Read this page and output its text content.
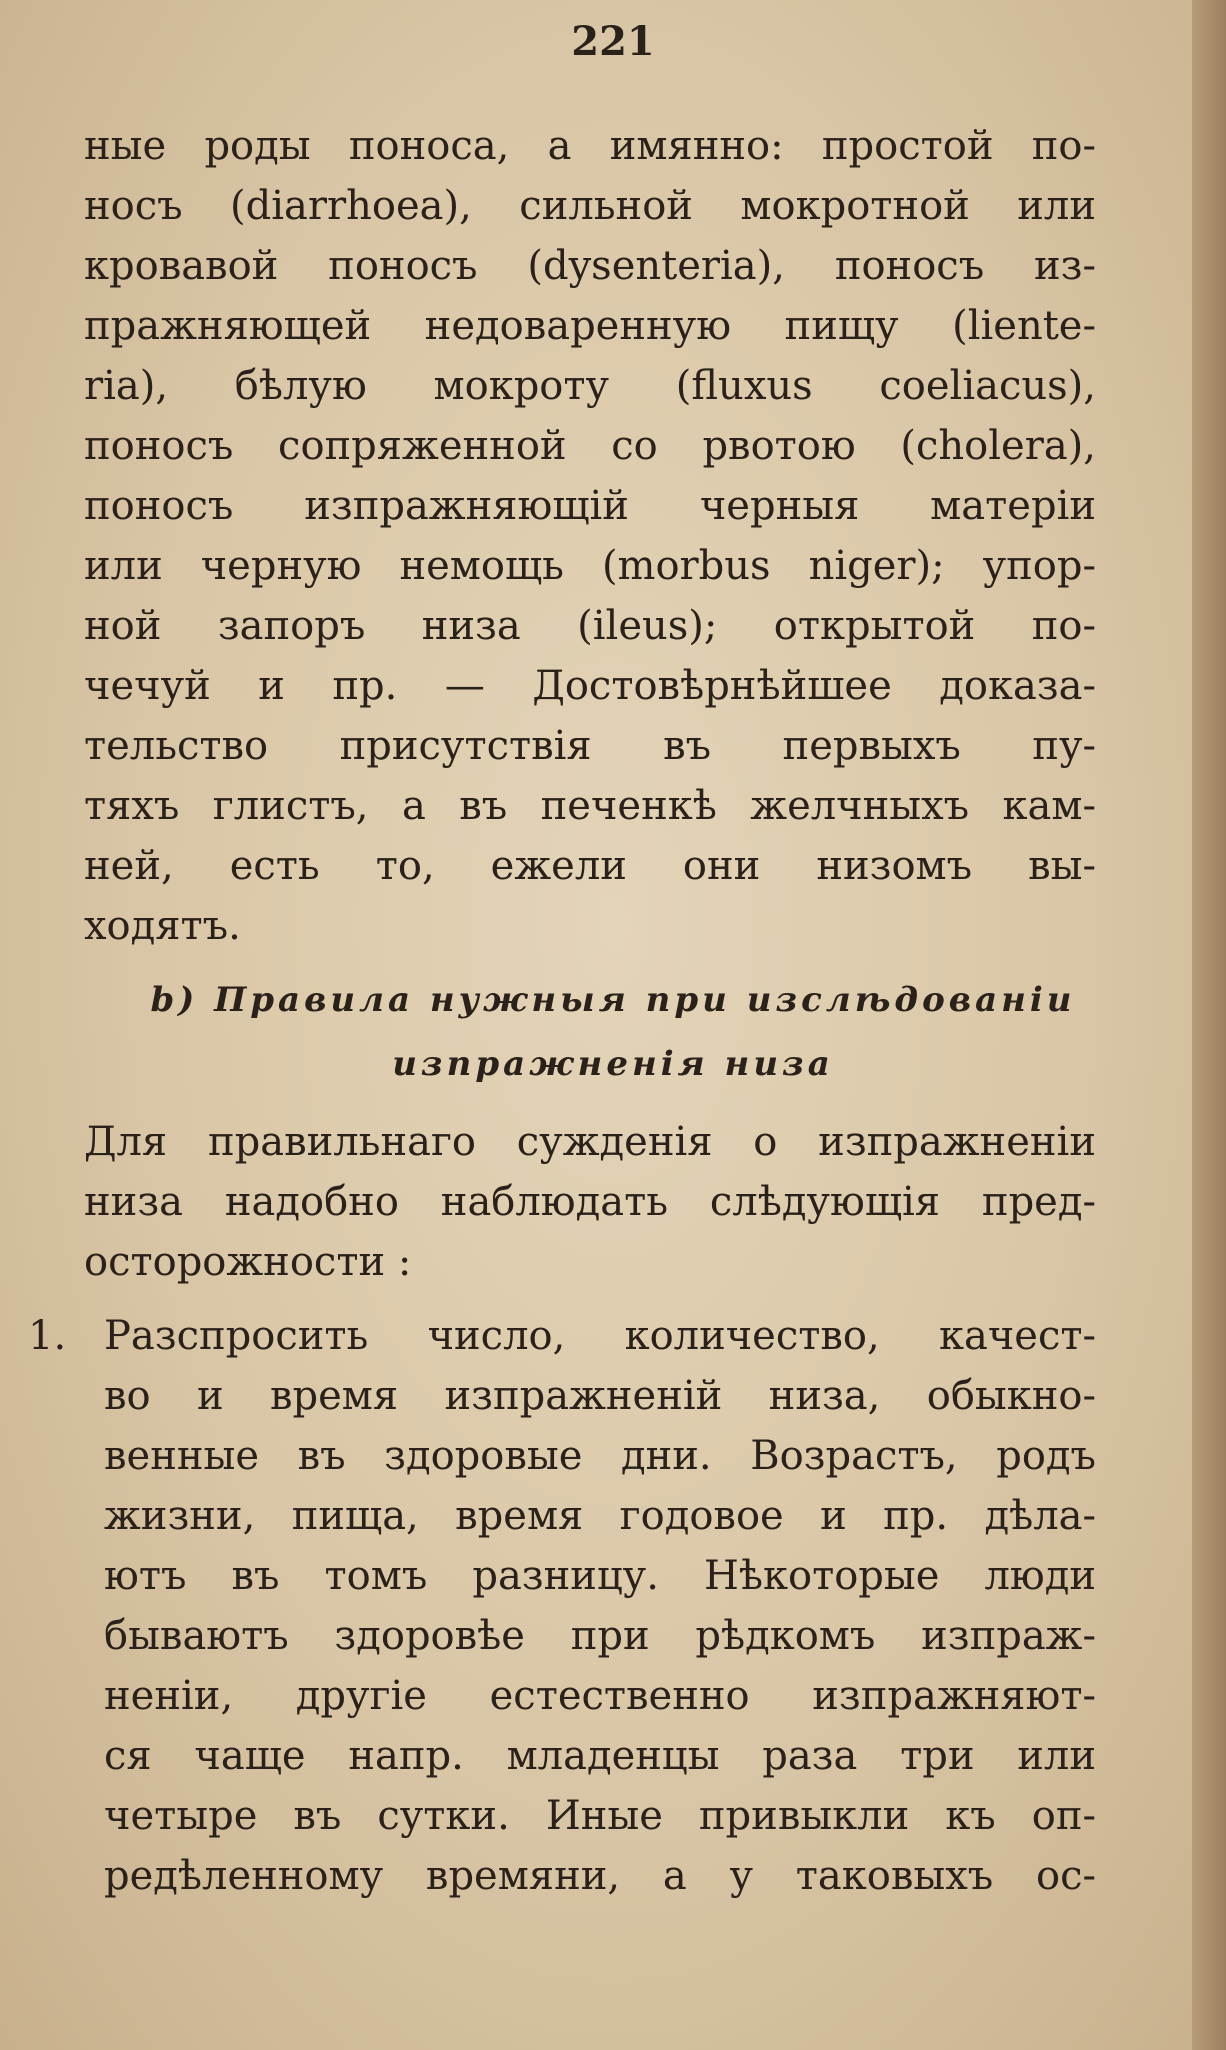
221
ные роды поноса, а имянно: простой по-
носъ (diarrhoea), сильной мокротной или
кровавой поносъ (dysenteria), поносъ из-
пражняющей недоваренную пищу (lientе-
ria), бѣлую мокроту (fluxus coeliacus),
поносъ сопряженной со рвотою (cholera),
поносъ изпражняющій черныя матеріи
или черную немощь (morbus niger); упор-
ной запоръ низа (ileus); открытой по-
чечуй и пр. — Достовѣрнѣйшее доказа-
тельство присутствія въ первыхъ пу-
тяхъ глистъ, а въ печенкѣ желчныхъ кам-
ней, есть то, ежели они низомъ вы-
ходятъ.
b) Правила нужныя при изслѣдованіи
изпражненія низа
Для правильнаго сужденія о изпражненіи
низа надобно наблюдать слѣдующія пред-
осторожности :
1. Разспросить число, количество, качест-
во и время изпражненій низа, обыкно-
венные въ здоровые дни. Возрастъ, родъ
жизни, пища, время годовое и пр. дѣла-
ютъ въ томъ разницу. Нѣкоторые люди
бываютъ здоровѣе при рѣдкомъ изпраж-
неніи, другіе естественно изпражняют-
ся чаще напр. младенцы раза три или
четыре въ сутки. Иные привыкли къ оп-
редѣленному времяни, а у таковыхъ ос-
